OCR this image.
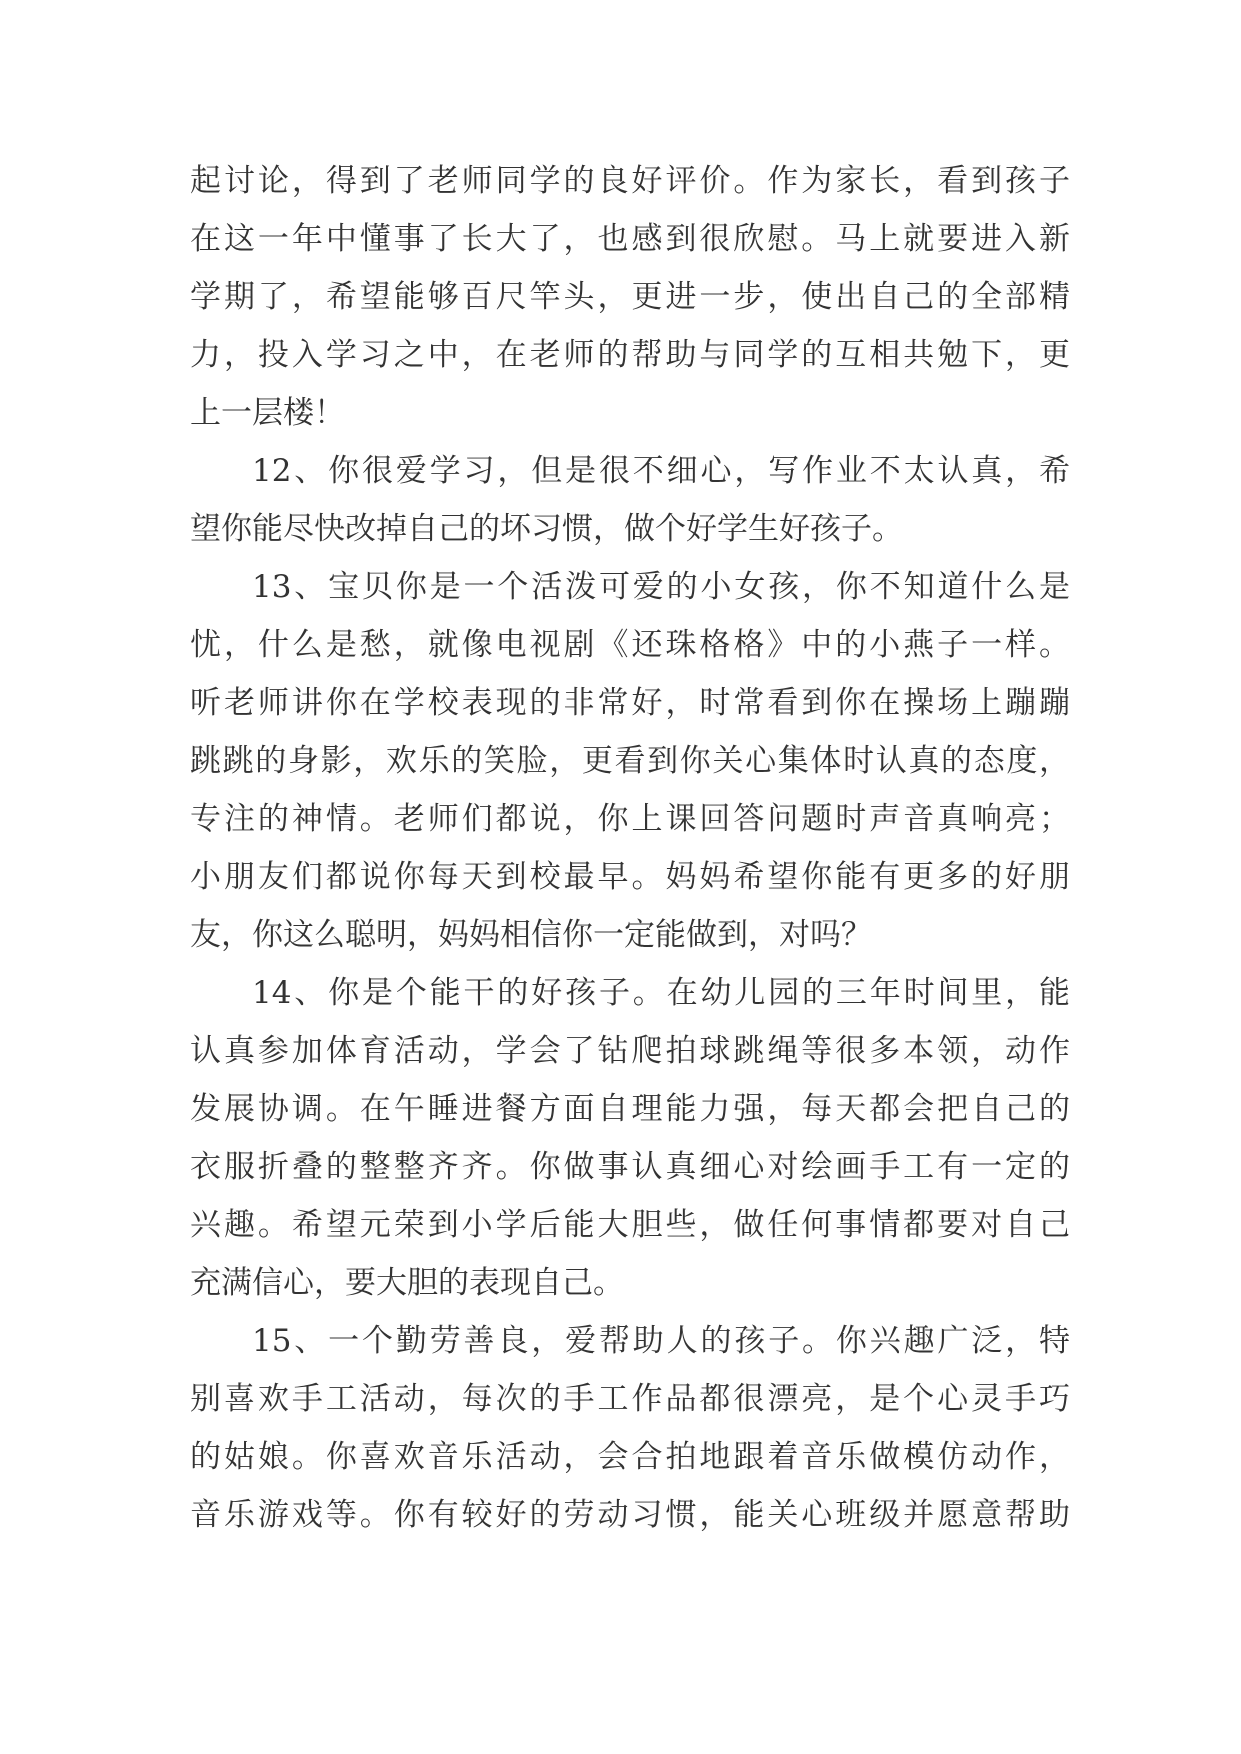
起讨论，得到了老师同学的良好评价。作为家长，看到孩子
在这一年中懂事了长大了，也感到很欣慰。马上就要进入新
学期了，希望能够百尺竿头，更进一步，使出自己的全部精
力，投入学习之中，在老师的帮助与同学的互相共勉下，更
上一层楼！
12、你很爱学习，但是很不细心，写作业不太认真，希
望你能尽快改掉自己的坏习惯，做个好学生好孩子。
13、宝贝你是一个活泼可爱的小女孩，你不知道什么是
忧，什么是愁，就像电视剧《还珠格格》中的小燕子一样。
听老师讲你在学校表现的非常好，时常看到你在操场上蹦蹦
跳跳的身影，欢乐的笑脸，更看到你关心集体时认真的态度，
专注的神情。老师们都说，你上课回答问题时声音真响亮；
小朋友们都说你每天到校最早。妈妈希望你能有更多的好朋
友，你这么聪明，妈妈相信你一定能做到，对吗？
14、你是个能干的好孩子。在幼儿园的三年时间里，能
认真参加体育活动，学会了钻爬拍球跳绳等很多本领，动作
发展协调。在午睡进餐方面自理能力强，每天都会把自己的
衣服折叠的整整齐齐。你做事认真细心对绘画手工有一定的
兴趣。希望元荣到小学后能大胆些，做任何事情都要对自己
充满信心，要大胆的表现自己。
15、一个勤劳善良，爱帮助人的孩子。你兴趣广泛，特
别喜欢手工活动，每次的手工作品都很漂亮，是个心灵手巧
的姑娘。你喜欢音乐活动，会合拍地跟着音乐做模仿动作，
音乐游戏等。你有较好的劳动习惯，能关心班级并愿意帮助
